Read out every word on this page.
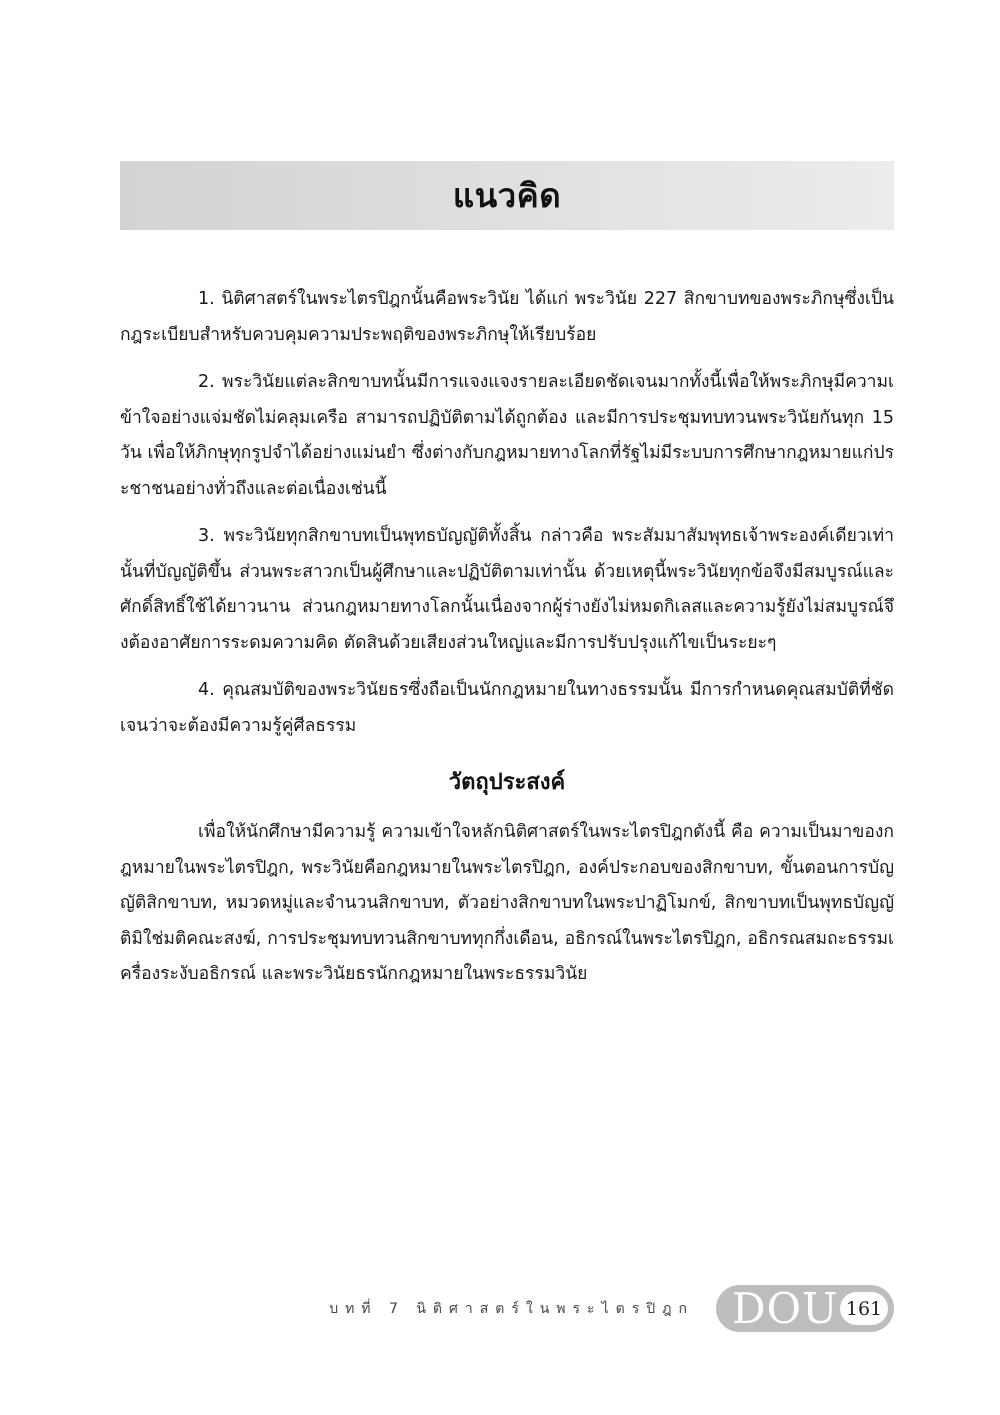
แนวคิด

1. นิติศาสตร์ในพระไตรปิฎกนั้นคือพระวินัย ได้แก่ พระวินัย 227 สิกขาบทของพระภิกษุซึ่งเป็นกฎระเบียบสำหรับควบคุมความประพฤติของพระภิกษุให้เรียบร้อย

2. พระวินัยแต่ละสิกขาบทนั้นมีการแจงแจงรายละเอียดชัดเจนมากทั้งนี้เพื่อให้พระภิกษุมีความเข้าใจอย่างแจ่มชัดไม่คลุมเครือ สามารถปฏิบัติตามได้ถูกต้อง และมีการประชุมทบทวนพระวินัยกันทุก 15 วัน เพื่อให้ภิกษุทุกรูปจำได้อย่างแม่นยำ ซึ่งต่างกับกฎหมายทางโลกที่รัฐไม่มีระบบการศึกษากฎหมายแก่ประชาชนอย่างทั่วถึงและต่อเนื่องเช่นนี้

3. พระวินัยทุกสิกขาบทเป็นพุทธบัญญัติทั้งสิ้น กล่าวคือ พระสัมมาสัมพุทธเจ้าพระองค์เดียวเท่านั้นที่บัญญัติขึ้น ส่วนพระสาวกเป็นผู้ศึกษาและปฏิบัติตามเท่านั้น ด้วยเหตุนี้พระวินัยทุกข้อจึงมีสมบูรณ์และศักดิ์สิทธิ์ใช้ได้ยาวนาน ส่วนกฎหมายทางโลกนั้นเนื่องจากผู้ร่างยังไม่หมดกิเลสและความรู้ยังไม่สมบูรณ์จึงต้องอาศัยการระดมความคิด ตัดสินด้วยเสียงส่วนใหญ่และมีการปรับปรุงแก้ไขเป็นระยะๆ

4. คุณสมบัติของพระวินัยธรซึ่งถือเป็นนักกฎหมายในทางธรรมนั้น มีการกำหนดคุณสมบัติที่ชัดเจนว่าจะต้องมีความรู้คู่ศีลธรรม

วัตถุประสงค์

เพื่อให้นักศึกษามีความรู้ ความเข้าใจหลักนิติศาสตร์ในพระไตรปิฎกดังนี้ คือ ความเป็นมาของกฎหมายในพระไตรปิฎก, พระวินัยคือกฎหมายในพระไตรปิฎก, องค์ประกอบของสิกขาบท, ขั้นตอนการบัญญัติสิกขาบท, หมวดหมู่และจำนวนสิกขาบท, ตัวอย่างสิกขาบทในพระปาฏิโมกข์, สิกขาบทเป็นพุทธบัญญัติมิใช่มติคณะสงฆ์, การประชุมทบทวนสิกขาบททุกกึ่งเดือน, อธิกรณ์ในพระไตรปิฎก, อธิกรณสมถะธรรมเครื่องระงับอธิกรณ์ และพระวินัยธรนักกฎหมายในพระธรรมวินัย

บทที่ 7 นิติศาสตร์ในพระไตรปิฎก DOU 161
